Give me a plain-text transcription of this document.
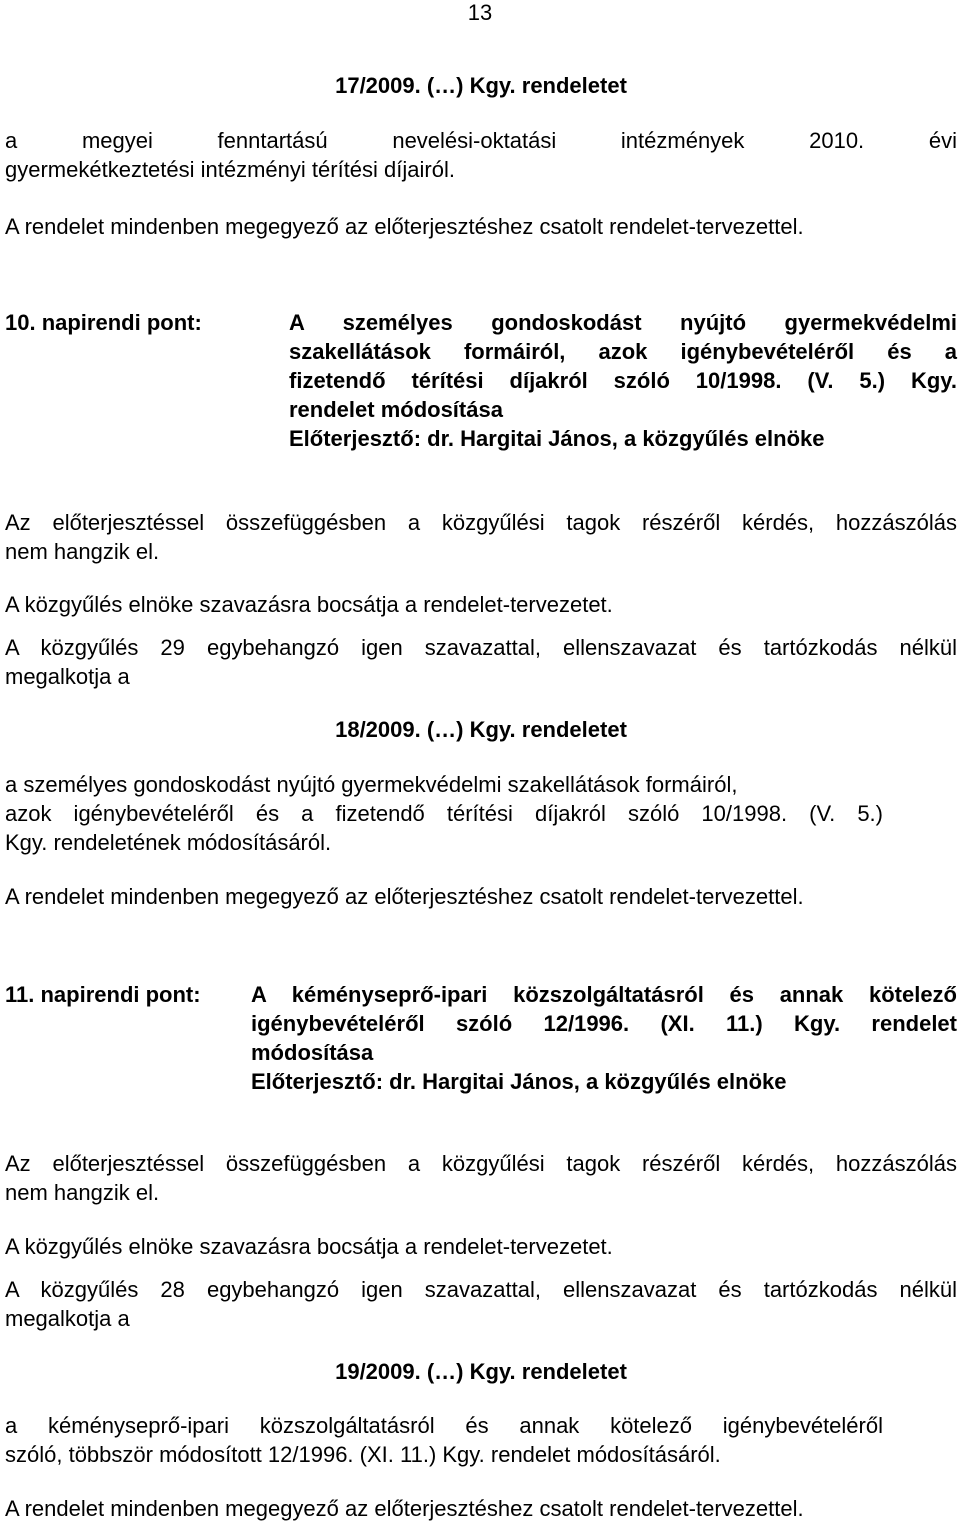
13
17/2009. (…) Kgy. rendeletet
a megyei fenntartású nevelési-oktatási intézmények 2010. évi
gyermekétkeztetési intézményi térítési díjairól.
A rendelet mindenben megegyező az előterjesztéshez csatolt rendelet-tervezettel.
10. napirendi pont:	A személyes gondoskodást nyújtó gyermekvédelmi
szakellátások formáiról, azok igénybevételéről és a
fizetendő térítési díjakról szóló 10/1998. (V. 5.) Kgy.
rendelet módosítása
Előterjesztő: dr. Hargitai János, a közgyűlés elnöke
Az előterjesztéssel összefüggésben a közgyűlési tagok részéről kérdés, hozzászólás
nem hangzik el.
A közgyűlés elnöke szavazásra bocsátja a rendelet-tervezetet.
A közgyűlés 29 egybehangzó igen szavazattal, ellenszavazat és tartózkodás nélkül
megalkotja a
18/2009. (…) Kgy. rendeletet
a személyes gondoskodást nyújtó gyermekvédelmi szakellátások formáiról,
azok igénybevételéről és a fizetendő térítési díjakról szóló 10/1998. (V. 5.)
Kgy. rendeletének módosításáról.
A rendelet mindenben megegyező az előterjesztéshez csatolt rendelet-tervezettel.
11. napirendi pont: A kéményseprő-ipari közszolgáltatásról és annak kötelező
igénybevételéről szóló 12/1996. (XI. 11.) Kgy. rendelet
módosítása
Előterjesztő: dr. Hargitai János, a közgyűlés elnöke
Az előterjesztéssel összefüggésben a közgyűlési tagok részéről kérdés, hozzászólás
nem hangzik el.
A közgyűlés elnöke szavazásra bocsátja a rendelet-tervezetet.
A közgyűlés 28 egybehangzó igen szavazattal, ellenszavazat és tartózkodás nélkül
megalkotja a
19/2009. (…) Kgy. rendeletet
a kéményseprő-ipari közszolgáltatásról és annak kötelező igénybevételéről
szóló, többször módosított 12/1996. (XI. 11.) Kgy. rendelet módosításáról.
A rendelet mindenben megegyező az előterjesztéshez csatolt rendelet-tervezettel.
